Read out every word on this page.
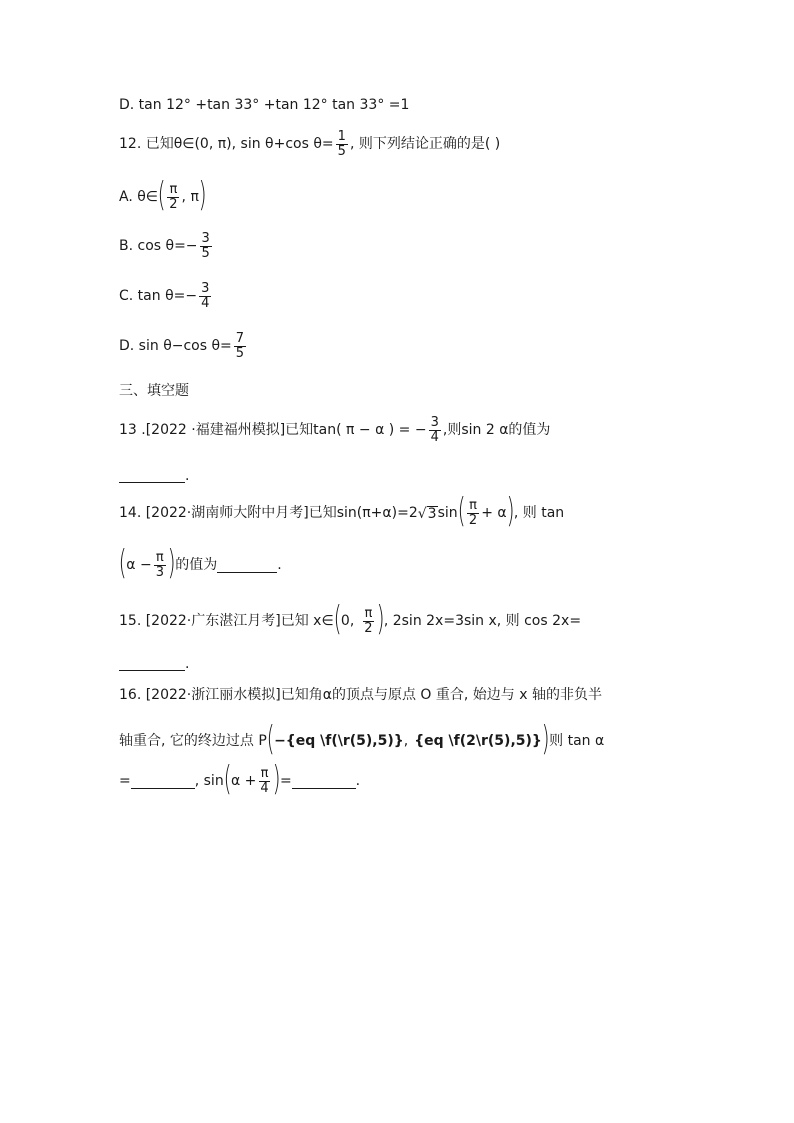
D. tan 12° +tan 33° +tan 12° tan 33° =1
12. 已知θ∈(0, π), sin θ+cos $\theta= \frac{1}{5}$ , 则下列结论正确的是( )
A. θ∈ ( $\frac{\pi}{2}$ , π )
B. $\cos \theta=- \frac{3}{5}$
C. $\tan \theta=- \frac{3}{4}$
D. sin θ−cos $\theta= \frac{7}{5}$
三、填空题
13 .[2022 ·福建福州模拟]已知tan( π − α ) = − $\frac{3}{4}$ ,则sin 2 α的值为
.
14. [2022·湖南师大附中月考]已知sin(π+α)=2 √ 3 sin ( $\frac{\pi}{2} + \alpha$ ) , 则 tan
( $\alpha - \frac{\pi}{3}$ ) 的值为	.
15. [2022·广东湛江月考]已知 x∈ ( 0, $\frac{\pi}{2}$ ) , 2sin 2x=3sin x, 则 cos 2x=
.
16. [2022·浙江丽水模拟]已知角α的顶点与原点 O 重合, 始边与 x 轴的非负半
轴重合, 它的终边过点 P ( −{eq \f(\r(5),5)} , {eq \f(2\r(5),5)} ) 则 tan α
=	, sin ( $\alpha + \frac{\pi}{4}$ ) =	.
